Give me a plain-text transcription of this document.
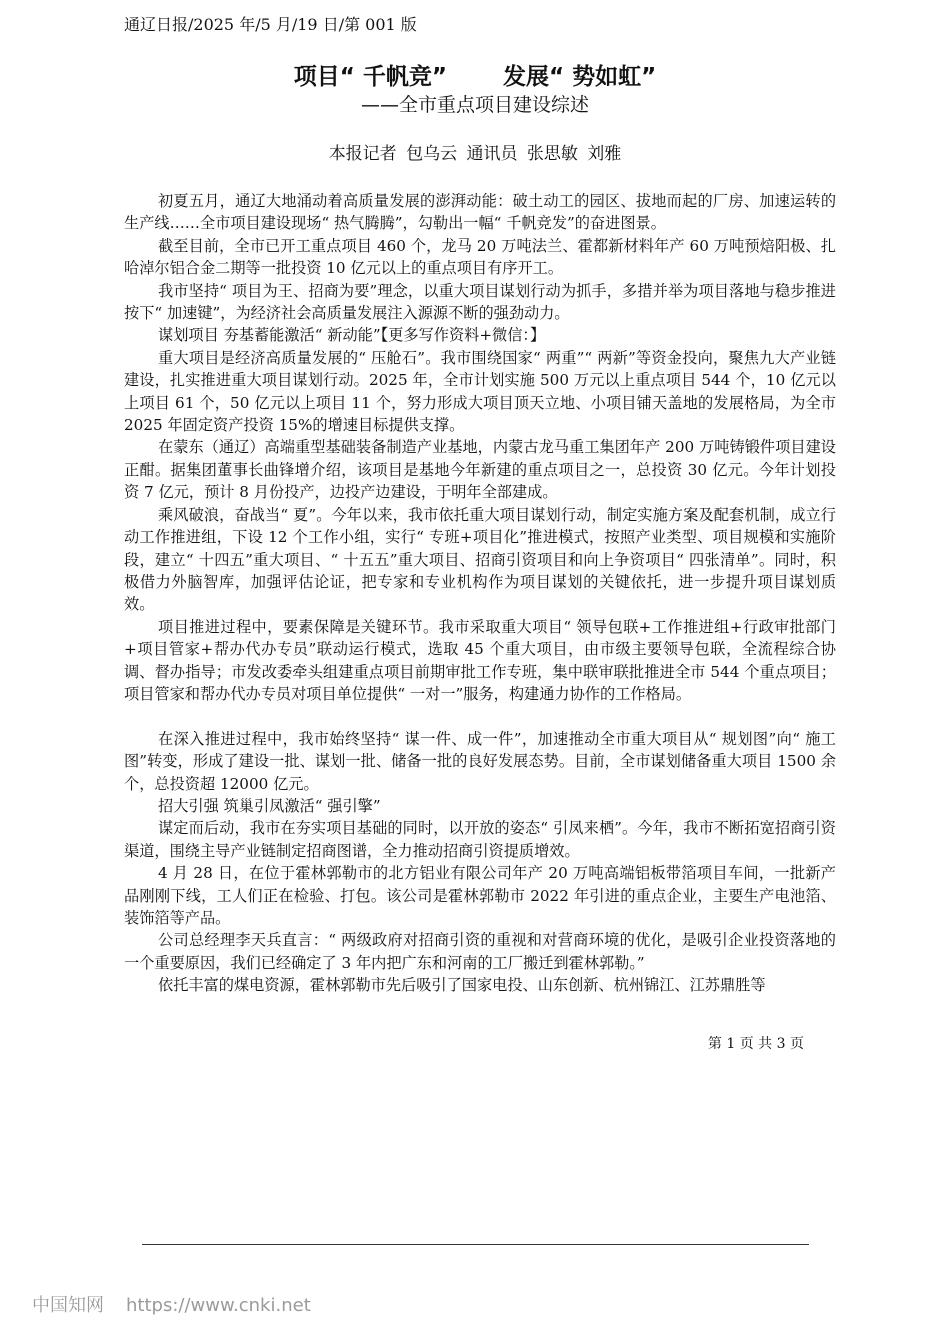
通辽日报/2025 年/5 月/19 日/第 001 版
项目“ 千帆竞” 发展“ 势如虹”
——全市重点项目建设综述
本报记者 包乌云 通讯员 张思敏 刘雅

初夏五月，通辽大地涌动着高质量发展的澎湃动能：破土动工的园区、拔地而起的厂房、加速运转的生产线……全市项目建设现场“ 热气腾腾”，勾勒出一幅“ 千帆竞发”的奋进图景。

截至目前，全市已开工重点项目 460 个，龙马 20 万吨法兰、霍都新材料年产 60 万吨预焙阳极、扎哈淖尔铝合金二期等一批投资 10 亿元以上的重点项目有序开工。

我市坚持“ 项目为王、招商为要”理念，以重大项目谋划行动为抓手，多措并举为项目落地与稳步推进按下“ 加速键”，为经济社会高质量发展注入源源不断的强劲动力。

谋划项目 夯基蓄能激活“ 新动能”【更多写作资料+微信：】

重大项目是经济高质量发展的“ 压舱石”。我市围绕国家“ 两重”“ 两新”等资金投向，聚焦九大产业链建设，扎实推进重大项目谋划行动。2025 年，全市计划实施 500 万元以上重点项目 544 个，10 亿元以上项目 61 个，50 亿元以上项目 11 个，努力形成大项目顶天立地、小项目铺天盖地的发展格局，为全市 2025 年固定资产投资 15%的增速目标提供支撑。

在蒙东（通辽）高端重型基础装备制造产业基地，内蒙古龙马重工集团年产 200 万吨铸锻件项目建设正酣。据集团董事长曲锋增介绍，该项目是基地今年新建的重点项目之一，总投资 30 亿元。今年计划投资 7 亿元，预计 8 月份投产，边投产边建设，于明年全部建成。

乘风破浪，奋战当“ 夏”。今年以来，我市依托重大项目谋划行动，制定实施方案及配套机制，成立行动工作推进组，下设 12 个工作小组，实行“ 专班+项目化”推进模式，按照产业类型、项目规模和实施阶段，建立“ 十四五”重大项目、“ 十五五”重大项目、招商引资项目和向上争资项目“ 四张清单”。同时，积极借力外脑智库，加强评估论证，把专家和专业机构作为项目谋划的关键依托，进一步提升项目谋划质效。

项目推进过程中，要素保障是关键环节。我市采取重大项目“ 领导包联+工作推进组+行政审批部门+项目管家+帮办代办专员”联动运行模式，选取 45 个重大项目，由市级主要领导包联，全流程综合协调、督办指导；市发改委牵头组建重点项目前期审批工作专班，集中联审联批推进全市 544 个重点项目；项目管家和帮办代办专员对项目单位提供“ 一对一”服务，构建通力协作的工作格局。

在深入推进过程中，我市始终坚持“ 谋一件、成一件”，加速推动全市重大项目从“ 规划图”向“ 施工图”转变，形成了建设一批、谋划一批、储备一批的良好发展态势。目前，全市谋划储备重大项目 1500 余个，总投资超 12000 亿元。

招大引强 筑巢引凤激活“ 强引擎”

谋定而后动，我市在夯实项目基础的同时，以开放的姿态“ 引凤来栖”。今年，我市不断拓宽招商引资渠道，围绕主导产业链制定招商图谱，全力推动招商引资提质增效。

4 月 28 日，在位于霍林郭勒市的北方铝业有限公司年产 20 万吨高端铝板带箔项目车间，一批新产品刚刚下线，工人们正在检验、打包。该公司是霍林郭勒市 2022 年引进的重点企业，主要生产电池箔、装饰箔等产品。

公司总经理李天兵直言：“ 两级政府对招商引资的重视和对营商环境的优化，是吸引企业投资落地的一个重要原因，我们已经确定了 3 年内把广东和河南的工厂搬迁到霍林郭勒。”

依托丰富的煤电资源，霍林郭勒市先后吸引了国家电投、山东创新、杭州锦江、江苏鼎胜等

第 1 页 共 3 页
中国知网 https://www.cnki.net
